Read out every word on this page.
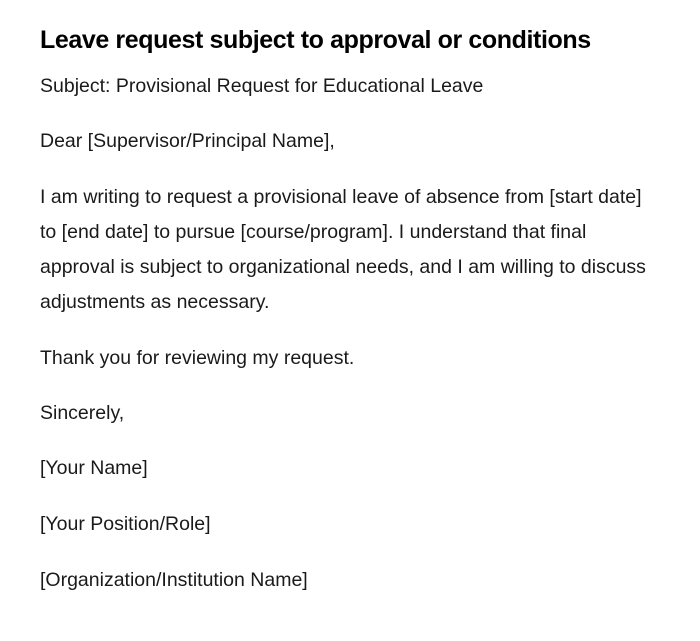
Leave request subject to approval or conditions

Subject: Provisional Request for Educational Leave

Dear [Supervisor/Principal Name],

I am writing to request a provisional leave of absence from [start date] to [end date] to pursue [course/program]. I understand that final approval is subject to organizational needs, and I am willing to discuss adjustments as necessary.

Thank you for reviewing my request.

Sincerely,

[Your Name]

[Your Position/Role]

[Organization/Institution Name]
